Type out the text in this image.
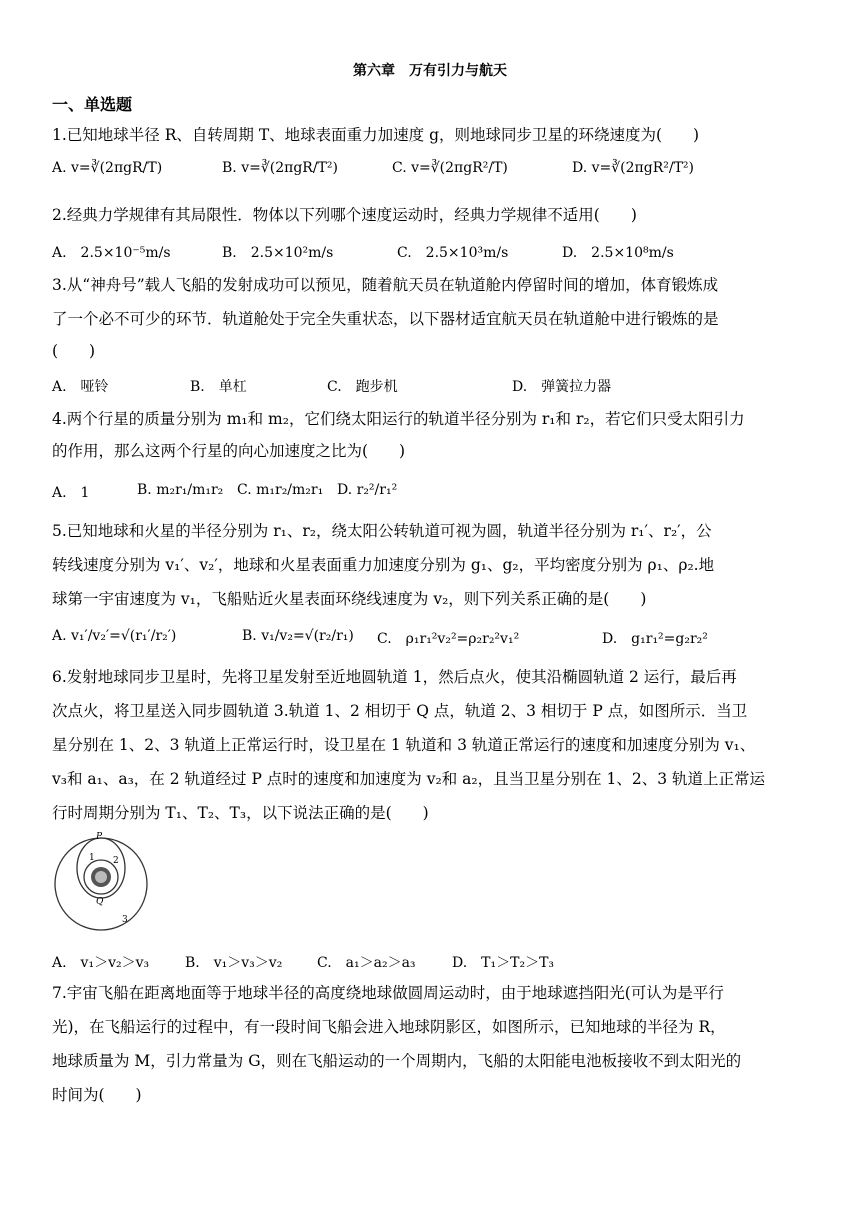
第六章　万有引力与航天
一、单选题
1.已知地球半径 R、自转周期 T、地球表面重力加速度 g，则地球同步卫星的环绕速度为(　　)
A. v=∛(2πgR/T)	B. v=∛(2πgR/T²)	C. v=∛(2πgR²/T)	D. v=∛(2πgR²/T²)
2.经典力学规律有其局限性．物体以下列哪个速度运动时，经典力学规律不适用(　　)
A.　2.5×10⁻⁵m/s	B.　2.5×10²m/s	C.　2.5×10³m/s	D.　2.5×10⁸m/s
3.从“神舟号”载人飞船的发射成功可以预见，随着航天员在轨道舱内停留时间的增加，体育锻炼成
了一个必不可少的环节．轨道舱处于完全失重状态，以下器材适宜航天员在轨道舱中进行锻炼的是
(　　)
A.　哑铃	B.　单杠	C.　跑步机	D.　弹簧拉力器
4.两个行星的质量分别为 m₁和 m₂，它们绕太阳运行的轨道半径分别为 r₁和 r₂，若它们只受太阳引力
的作用，那么这两个行星的向心加速度之比为(　　)
A.　1	B. m₂r₁/m₁r₂ C. m₁r₂/m₂r₁ D. r₂²/r₁²
5.已知地球和火星的半径分别为 r₁、r₂，绕太阳公转轨道可视为圆，轨道半径分别为 r₁′、r₂′，公
转线速度分别为 v₁′、v₂′，地球和火星表面重力加速度分别为 g₁、g₂，平均密度分别为 ρ₁、ρ₂.地
球第一宇宙速度为 v₁，飞船贴近火星表面环绕线速度为 v₂，则下列关系正确的是(　　)
A. v₁′/v₂′=√(r₁′/r₂′)	B. v₁/v₂=√(r₂/r₁) C.　ρ₁r₁²v₂²=ρ₂r₂²v₁²	D.　g₁r₁²=g₂r₂²
6.发射地球同步卫星时，先将卫星发射至近地圆轨道 1，然后点火，使其沿椭圆轨道 2 运行，最后再
次点火，将卫星送入同步圆轨道 3.轨道 1、2 相切于 Q 点，轨道 2、3 相切于 P 点，如图所示．当卫
星分别在 1、2、3 轨道上正常运行时，设卫星在 1 轨道和 3 轨道正常运行的速度和加速度分别为 v₁、
v₃和 a₁、a₃，在 2 轨道经过 P 点时的速度和加速度为 v₂和 a₂，且当卫星分别在 1、2、3 轨道上正常运
行时周期分别为 T₁、T₂、T₃，以下说法正确的是(　　)
P
Q
1 2
3
A.　v₁＞v₂＞v₃	B.　v₁＞v₃＞v₂ C.　a₁＞a₂＞a₃	D.　T₁＞T₂＞T₃
7.宇宙飞船在距离地面等于地球半径的高度绕地球做圆周运动时，由于地球遮挡阳光(可认为是平行
光)，在飞船运行的过程中，有一段时间飞船会进入地球阴影区，如图所示，已知地球的半径为 R，
地球质量为 M，引力常量为 G，则在飞船运动的一个周期内，飞船的太阳能电池板接收不到太阳光的
时间为(　　)
